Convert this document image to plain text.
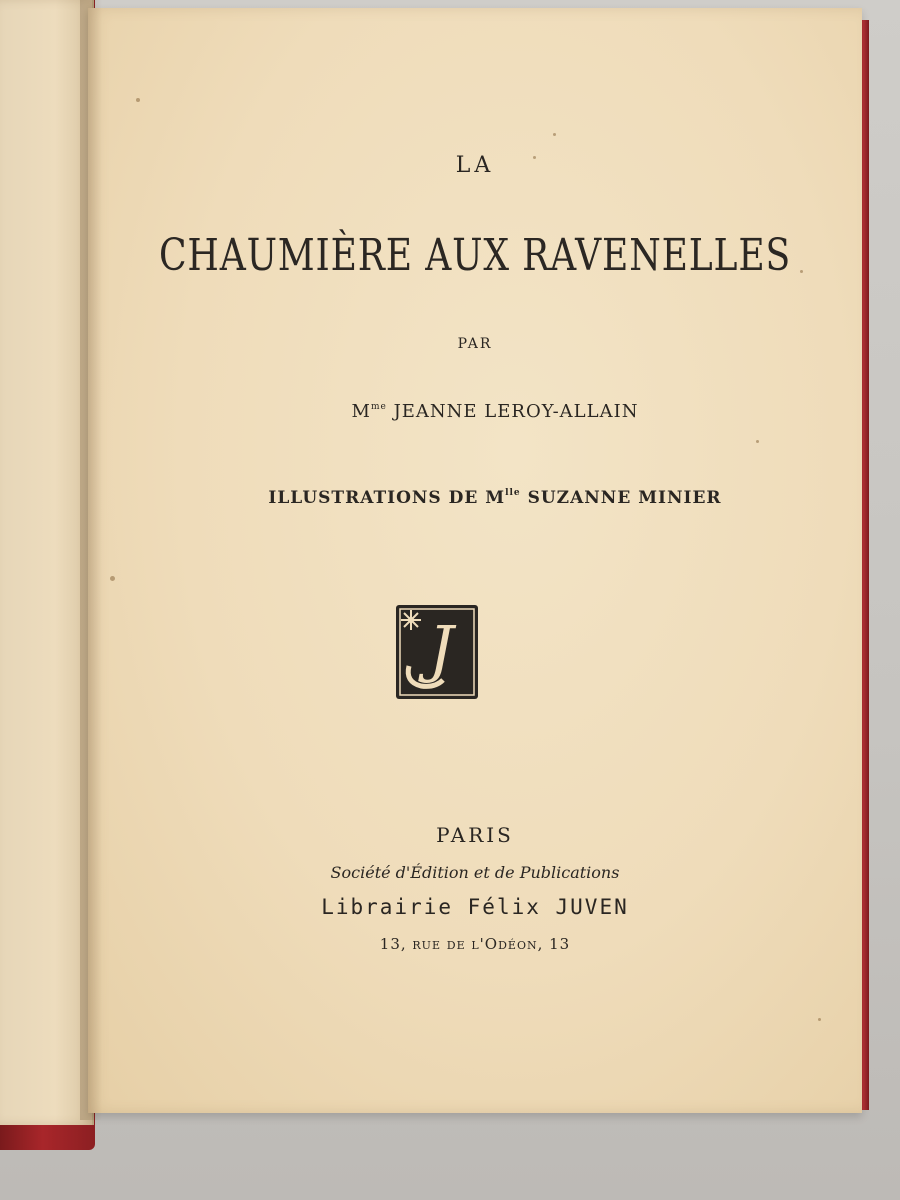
LA
CHAUMIÈRE AUX RAVENELLES
PAR
$M^{me}$ JEANNE LEROY-ALLAIN
ILLUSTRATIONS DE $M^{lle}$ SUZANNE MINIER
J
PARIS
Société d'Édition et de Publications
Librairie Félix JUVEN
13, rue de l'Odéon, 13
